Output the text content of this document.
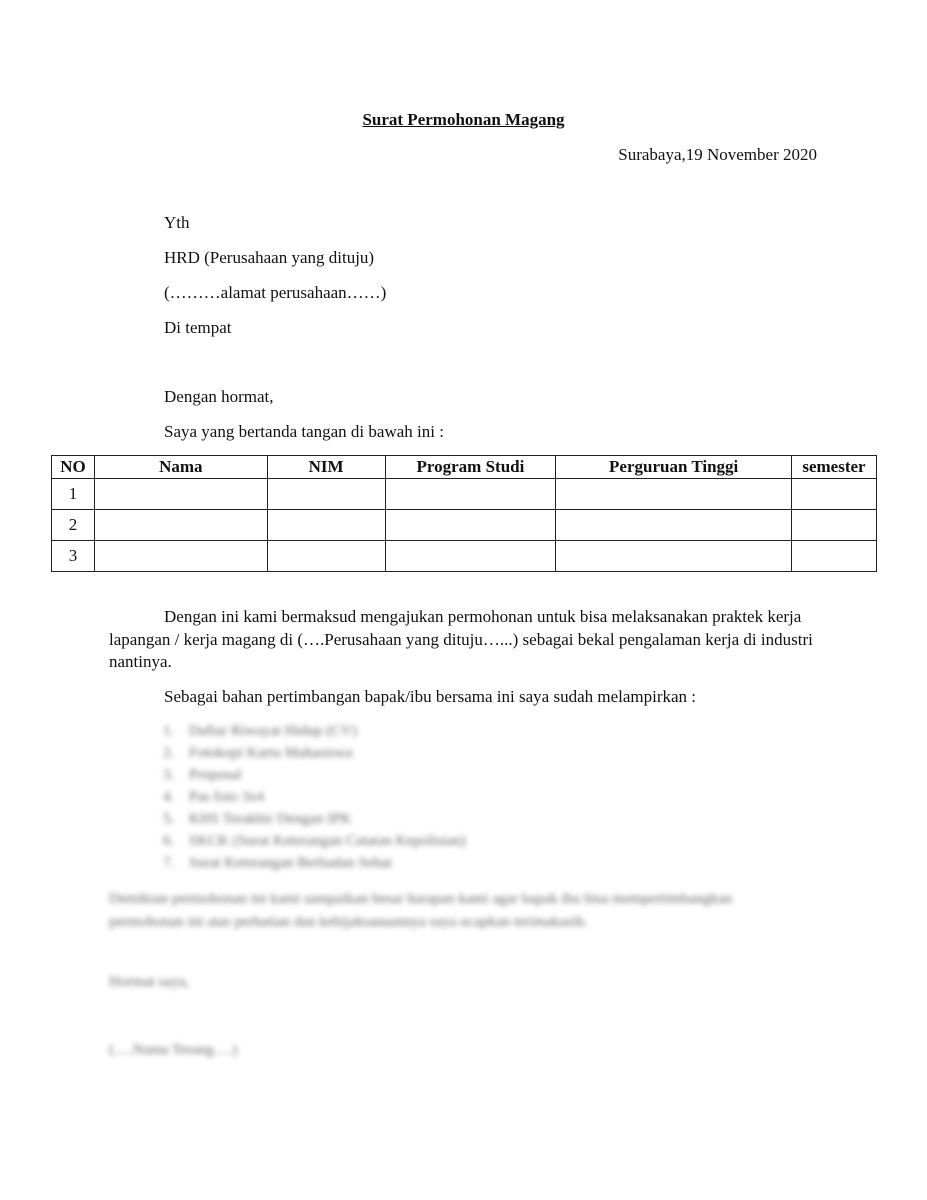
Surat Permohonan Magang
Surabaya,19 November 2020
Yth
HRD (Perusahaan yang dituju)
(………alamat perusahaan……)
Di tempat
Dengan hormat,
Saya yang bertanda tangan di bawah ini :
NO	Nama	NIM	Program Studi	Perguruan Tinggi	semester
1					
2					
3					
Dengan ini kami bermaksud mengajukan permohonan untuk bisa melaksanakan praktek kerja lapangan / kerja magang di (….Perusahaan yang dituju…...) sebagai bekal pengalaman kerja di industri nantinya.
Sebagai bahan pertimbangan bapak/ibu bersama ini saya sudah melampirkan :
1. Daftar Riwayat Hidup (CV)
2. Fotokopi Kartu Mahasiswa
3. Proposal
4. Pas foto 3x4
5. KHS Terakhir Dengan IPK
6. SKCK (Surat Keterangan Catatan Kepolisian)
7. Surat Keterangan Berbadan Sehat
Demikian permohonan ini kami sampaikan besar harapan kami agar bapak ibu bisa mempertimbangkan permohonan ini atas perhatian dan kebijaksanaannya saya ucapkan terimakasih.
Hormat saya,
(….Nama Terang….)
